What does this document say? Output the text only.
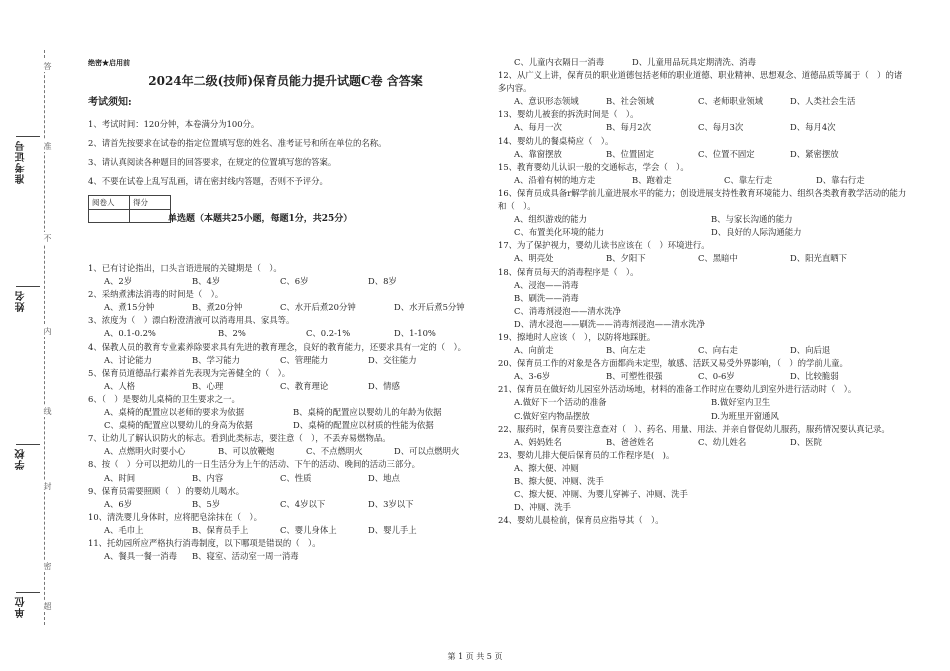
准考证号
姓名
学校
单位
答
准
不
内
线
封
密
超
绝密★启用前
2024年二级(技师)保育员能力提升试题C卷 含答案
考试须知:

1、考试时间：120分钟，本卷满分为100分。

2、请首先按要求在试卷的指定位置填写您的姓名、准考证号和所在单位的名称。

3、请认真阅读各种题目的回答要求，在规定的位置填写您的答案。

4、不要在试卷上乱写乱画，请在密封线内答题，否则不予评分。

阅卷人	得分

单选题（本题共25小题，每题1分，共25分）

1、已有讨论指出，口头言语进展的关键期是（　）。

A、2岁	B、4岁	C、6岁	D、8岁

2、采纳煮沸法消毒的时间是（　）。

A、煮15分钟	B、煮20分钟	C、水开后煮20分钟	D、水开后煮5分钟

3、浓度为（　）漂白粉澄清液可以消毒用具、家具等。

A、0.1-0.2%	B、2%	C、0.2-1%	D、1-10%

4、保教人员的教育专业素养除要求具有先进的教育理念，良好的教育能力，还要求具有一定的（　）。

A、讨论能力	B、学习能力	C、管理能力	D、交往能力

5、保育员道德品行素养首先表现为完善健全的（　）。

A、人格	B、心理	C、教育理论	D、情感

6、（　）是婴幼儿桌椅的卫生要求之一。

A、桌椅的配置应以老师的要求为依据	B、桌椅的配置应以婴幼儿的年龄为依据

C、桌椅的配置应以婴幼儿的身高为依据	D、桌椅的配置应以材质的性能为依据

7、让幼儿了解认识防火的标志。看到此类标志，要注意（　），不丢弃易燃物品。

A、点燃明火时要小心	B、可以放鞭炮	C、不点燃明火	D、可以点燃明火

8、按（　）分可以把幼儿的一日生活分为上午的活动、下午的活动、晚间的活动三部分。

A、时间	B、内容	C、性质	D、地点

9、保育员需要照顾（　）的婴幼儿喝水。

A、6岁	B、5岁	C、4岁以下	D、3岁以下

10、清洗婴儿身体时，应将肥皂涂抹在（　）。

A、毛巾上	B、保育员手上	C、婴儿身体上	D、婴儿手上

11、托幼园所应严格执行消毒制度，以下哪项是错误的（　）。

A、餐具一餐一消毒 B、寝室、活动室一周一消毒

C、儿童内衣隔日一消毒	D、儿童用品玩具定期清洗、消毒

12、从广义上讲，保育员的职业道德包括老师的职业道德、职业精神、思想观念、道德品质等属于（　）的诸多内容。

A、意识形态领域	B、社会领域	C、老师职业领域	D、人类社会生活

13、婴幼儿被套的拆洗时间是（　）。

A、每月一次	B、每月2次	C、每月3次	D、每月4次

14、婴幼儿的餐桌椅应（　）。

A、靠窗摆放	B、位置固定	C、位置不固定	D、紧密摆放

15、教育婴幼儿认识一般的交通标志，学会（　）。

A、沿着有树的地方走	B、跑着走	C、靠左行走	D、靠右行走

16、保育员成具备r解学前儿童进展水平的能力；创设进展支持性教育环境能力、组织各类教育教学活动的能力和（　）。

A、组织游戏的能力	B、与家长沟通的能力

C、布置美化环境的能力	D、良好的人际沟通能力

17、为了保护视力，婴幼儿读书应该在（　）环境进行。

A、明亮处	B、夕阳下	C、黑暗中	D、阳光直晒下

18、保育员每天的消毒程序是（　）。

A、浸泡——消毒

B、刷洗——消毒

C、消毒剂浸泡——清水洗净

D、清水浸泡——刷洗——消毒剂浸泡——清水洗净

19、擦地时人应该（　），以防将地踩脏。

A、向前走	B、向左走	C、向右走	D、向后退

20、保育员工作的对象是各方面都尚未定型，敏感、活跃又易受外界影响，（　）的学前儿童。

A、3-6岁	B、可塑性很强	C、0-6岁	D、比较脆弱

21、保育员在做好幼儿园室外活动场地，材料的准备工作时应在婴幼儿到室外进行活动时（　）。

A.做好下一个活动的准备	B.做好室内卫生

C.做好室内物品摆放	D.为班里开窗通风

22、服药时，保育员要注意查对（　）、药名、用量、用法、并亲自督促幼儿服药，服药情况要认真记录。

A、妈妈姓名	B、爸爸姓名	C、幼儿姓名	D、医院

23、婴幼儿排大便后保育员的工作程序是(　)。

A、擦大便、冲厕

B、擦大便、冲厕、洗手

C、擦大便、冲厕、为婴儿穿裤子、冲厕、洗手

D、冲厕、洗手

24、婴幼儿晨检前，保育员应指导其（　）。

第 1 页 共 5 页
